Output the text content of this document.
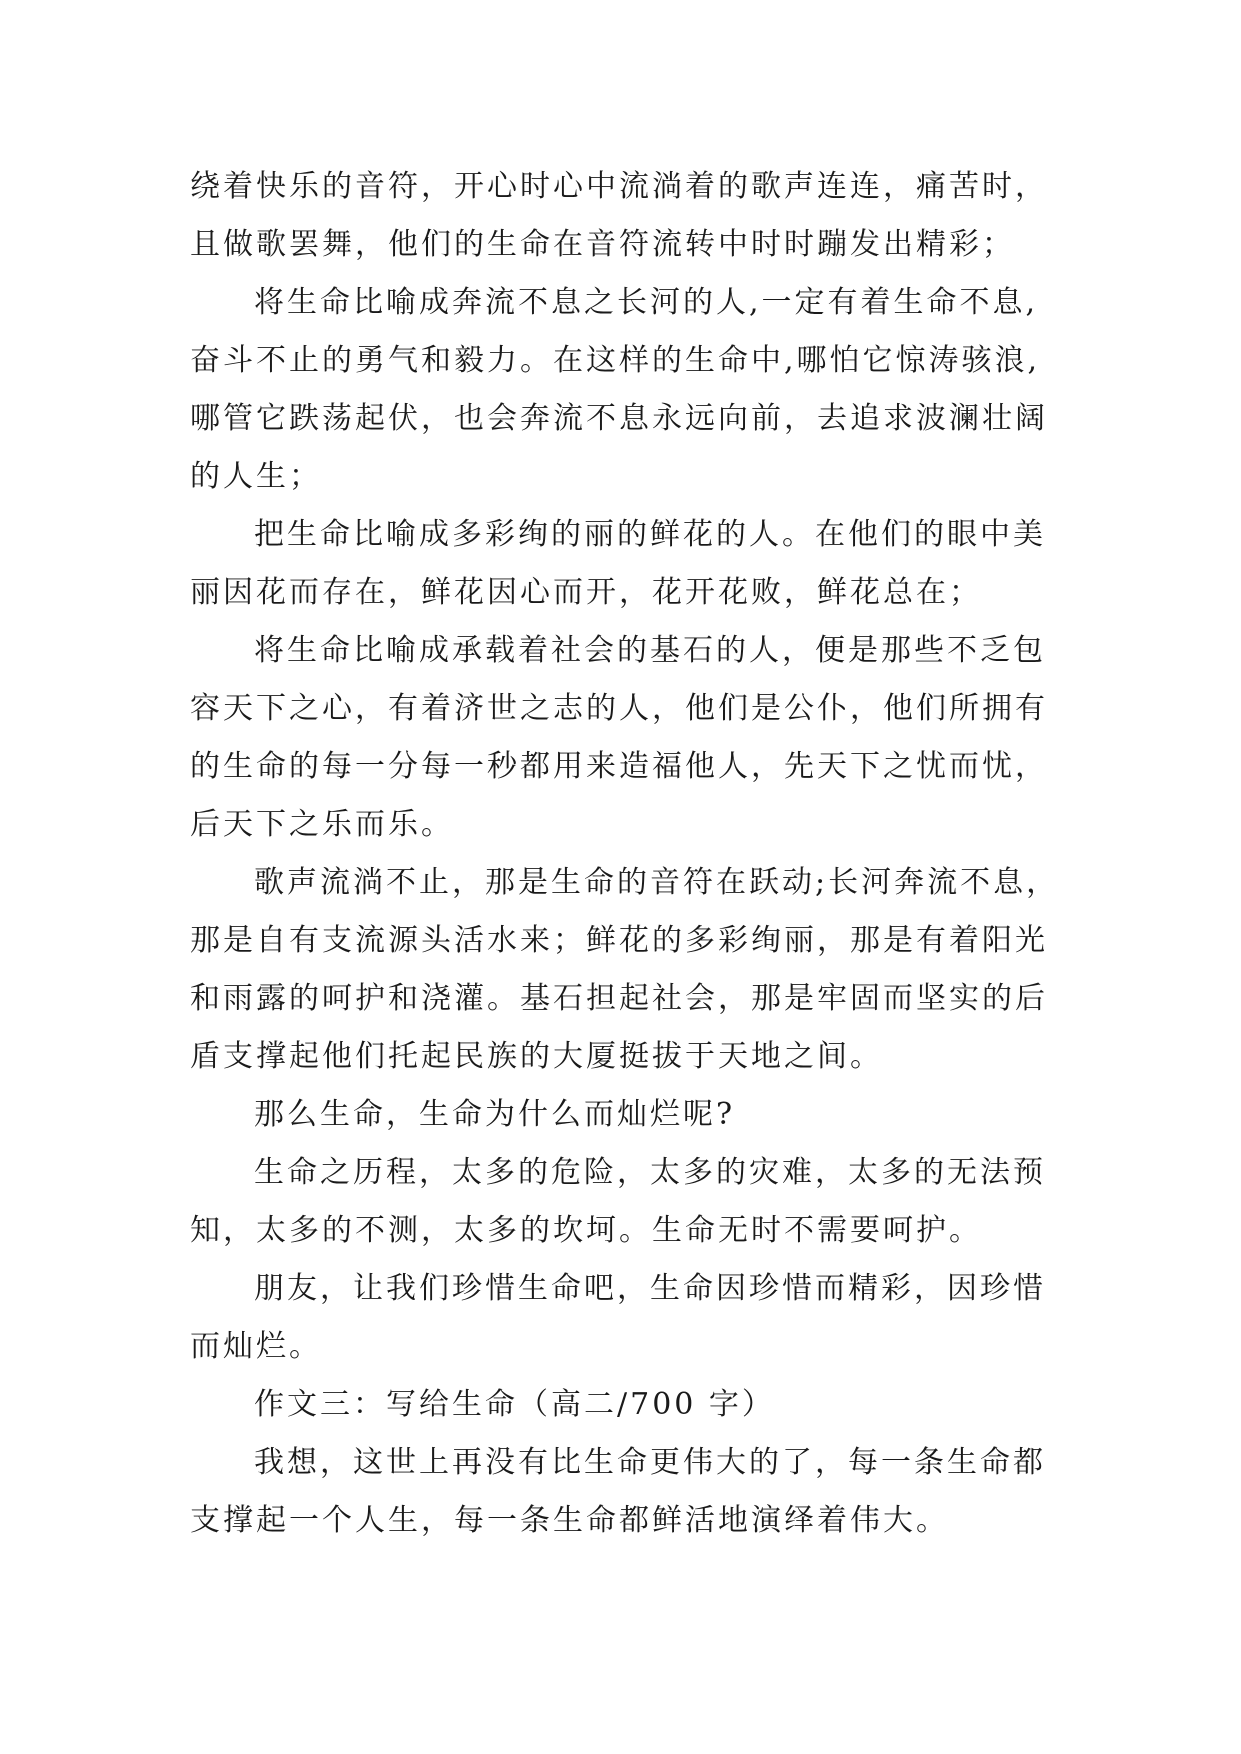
绕着快乐的音符，开心时心中流淌着的歌声连连，痛苦时，且做歌罢舞，他们的生命在音符流转中时时蹦发出精彩；

将生命比喻成奔流不息之长河的人,一定有着生命不息,奋斗不止的勇气和毅力。在这样的生命中,哪怕它惊涛骇浪,哪管它跌荡起伏，也会奔流不息永远向前，去追求波澜壮阔的人生；

把生命比喻成多彩绚的丽的鲜花的人。在他们的眼中美丽因花而存在，鲜花因心而开，花开花败，鲜花总在；

将生命比喻成承载着社会的基石的人，便是那些不乏包容天下之心，有着济世之志的人，他们是公仆，他们所拥有的生命的每一分每一秒都用来造福他人，先天下之忧而忧，后天下之乐而乐。

歌声流淌不止，那是生命的音符在跃动;长河奔流不息，那是自有支流源头活水来；鲜花的多彩绚丽，那是有着阳光和雨露的呵护和浇灌。基石担起社会，那是牢固而坚实的后盾支撑起他们托起民族的大厦挺拔于天地之间。

那么生命，生命为什么而灿烂呢?

生命之历程，太多的危险，太多的灾难，太多的无法预知，太多的不测，太多的坎坷。生命无时不需要呵护。

朋友，让我们珍惜生命吧，生命因珍惜而精彩，因珍惜而灿烂。

作文三：写给生命（高二/700 字）

我想，这世上再没有比生命更伟大的了，每一条生命都支撑起一个人生，每一条生命都鲜活地演绎着伟大。
